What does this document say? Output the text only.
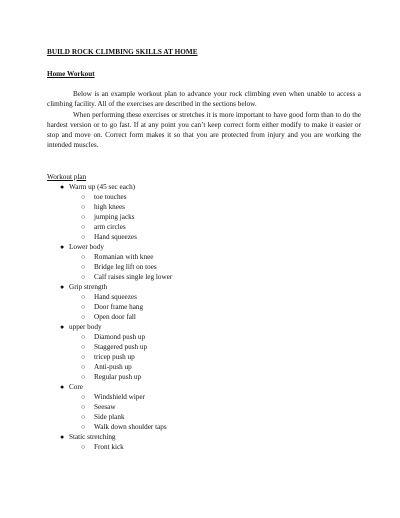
BUILD ROCK CLIMBING SKILLS AT HOME
Home Workout

Below is an example workout plan to advance your rock climbing even when unable to access a climbing facility. All of the exercises are described in the sections below.

When performing these exercises or stretches it is more important to have good form than to do the hardest version or to go fast. If at any point you can’t keep correct form either modify to make it easier or stop and move on. Correct form makes it so that you are protected from injury and you are working the intended muscles.

Workout plan
● Warm up (45 sec each)
○ toe touches
○ high knees
○ jumping jacks
○ arm circles
○ Hand squeezes
● Lower body
○ Romanian with knee
○ Bridge leg lift on toes
○ Calf raises single leg lower
● Grip strength
○ Hand squeezes
○ Door frame hang
○ Open door fall
● upper body
○ Diamond push up
○ Staggered push up
○ tricep push up
○ Anti-push up
○ Regular push up
● Core
○ Windshield wiper
○ Seesaw
○ Side plank
○ Walk down shoulder taps
● Static stretching
○ Front kick
